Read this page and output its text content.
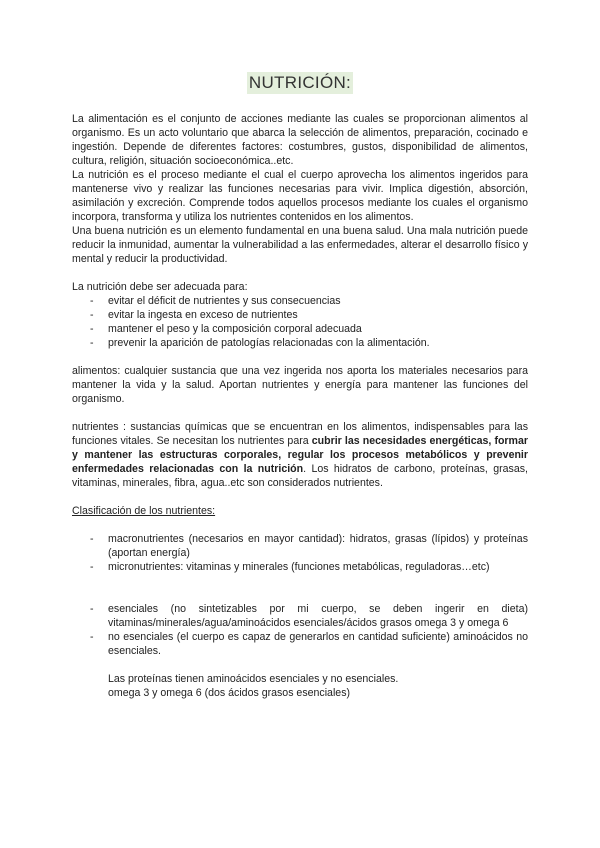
NUTRICIÓN:

La alimentación es el conjunto de acciones mediante las cuales se proporcionan alimentos al organismo. Es un acto voluntario que abarca la selección de alimentos, preparación, cocinado e ingestión. Depende de diferentes factores: costumbres, gustos, disponibilidad de alimentos, cultura, religión, situación socioeconómica..etc.

La nutrición es el proceso mediante el cual el cuerpo aprovecha los alimentos ingeridos para mantenerse vivo y realizar las funciones necesarias para vivir. Implica digestión, absorción, asimilación y excreción. Comprende todos aquellos procesos mediante los cuales el organismo incorpora, transforma y utiliza los nutrientes contenidos en los alimentos.

Una buena nutrición es un elemento fundamental en una buena salud. Una mala nutrición puede reducir la inmunidad, aumentar la vulnerabilidad a las enfermedades, alterar el desarrollo físico y mental y reducir la productividad.

La nutrición debe ser adecuada para:

- evitar el déficit de nutrientes y sus consecuencias
- evitar la ingesta en exceso de nutrientes
- mantener el peso y la composición corporal adecuada
- prevenir la aparición de patologías relacionadas con la alimentación.

alimentos: cualquier sustancia que una vez ingerida nos aporta los materiales necesarios para mantener la vida y la salud. Aportan nutrientes y energía para mantener las funciones del organismo.

nutrientes : sustancias químicas que se encuentran en los alimentos, indispensables para las funciones vitales. Se necesitan los nutrientes para cubrir las necesidades energéticas, formar y mantener las estructuras corporales, regular los procesos metabólicos y prevenir enfermedades relacionadas con la nutrición. Los hidratos de carbono, proteínas, grasas, vitaminas, minerales, fibra, agua..etc son considerados nutrientes.

Clasificación de los nutrientes:

- macronutrientes (necesarios en mayor cantidad): hidratos, grasas (lípidos) y proteínas (aportan energía)
- micronutrientes: vitaminas y minerales (funciones metabólicas, reguladoras…etc)
- esenciales (no sintetizables por mi cuerpo, se deben ingerir en dieta) vitaminas/minerales/agua/aminoácidos esenciales/ácidos grasos omega 3 y omega 6
- no esenciales (el cuerpo es capaz de generarlos en cantidad suficiente) aminoácidos no esenciales.

Las proteínas tienen aminoácidos esenciales y no esenciales.

omega 3 y omega 6 (dos ácidos grasos esenciales)
